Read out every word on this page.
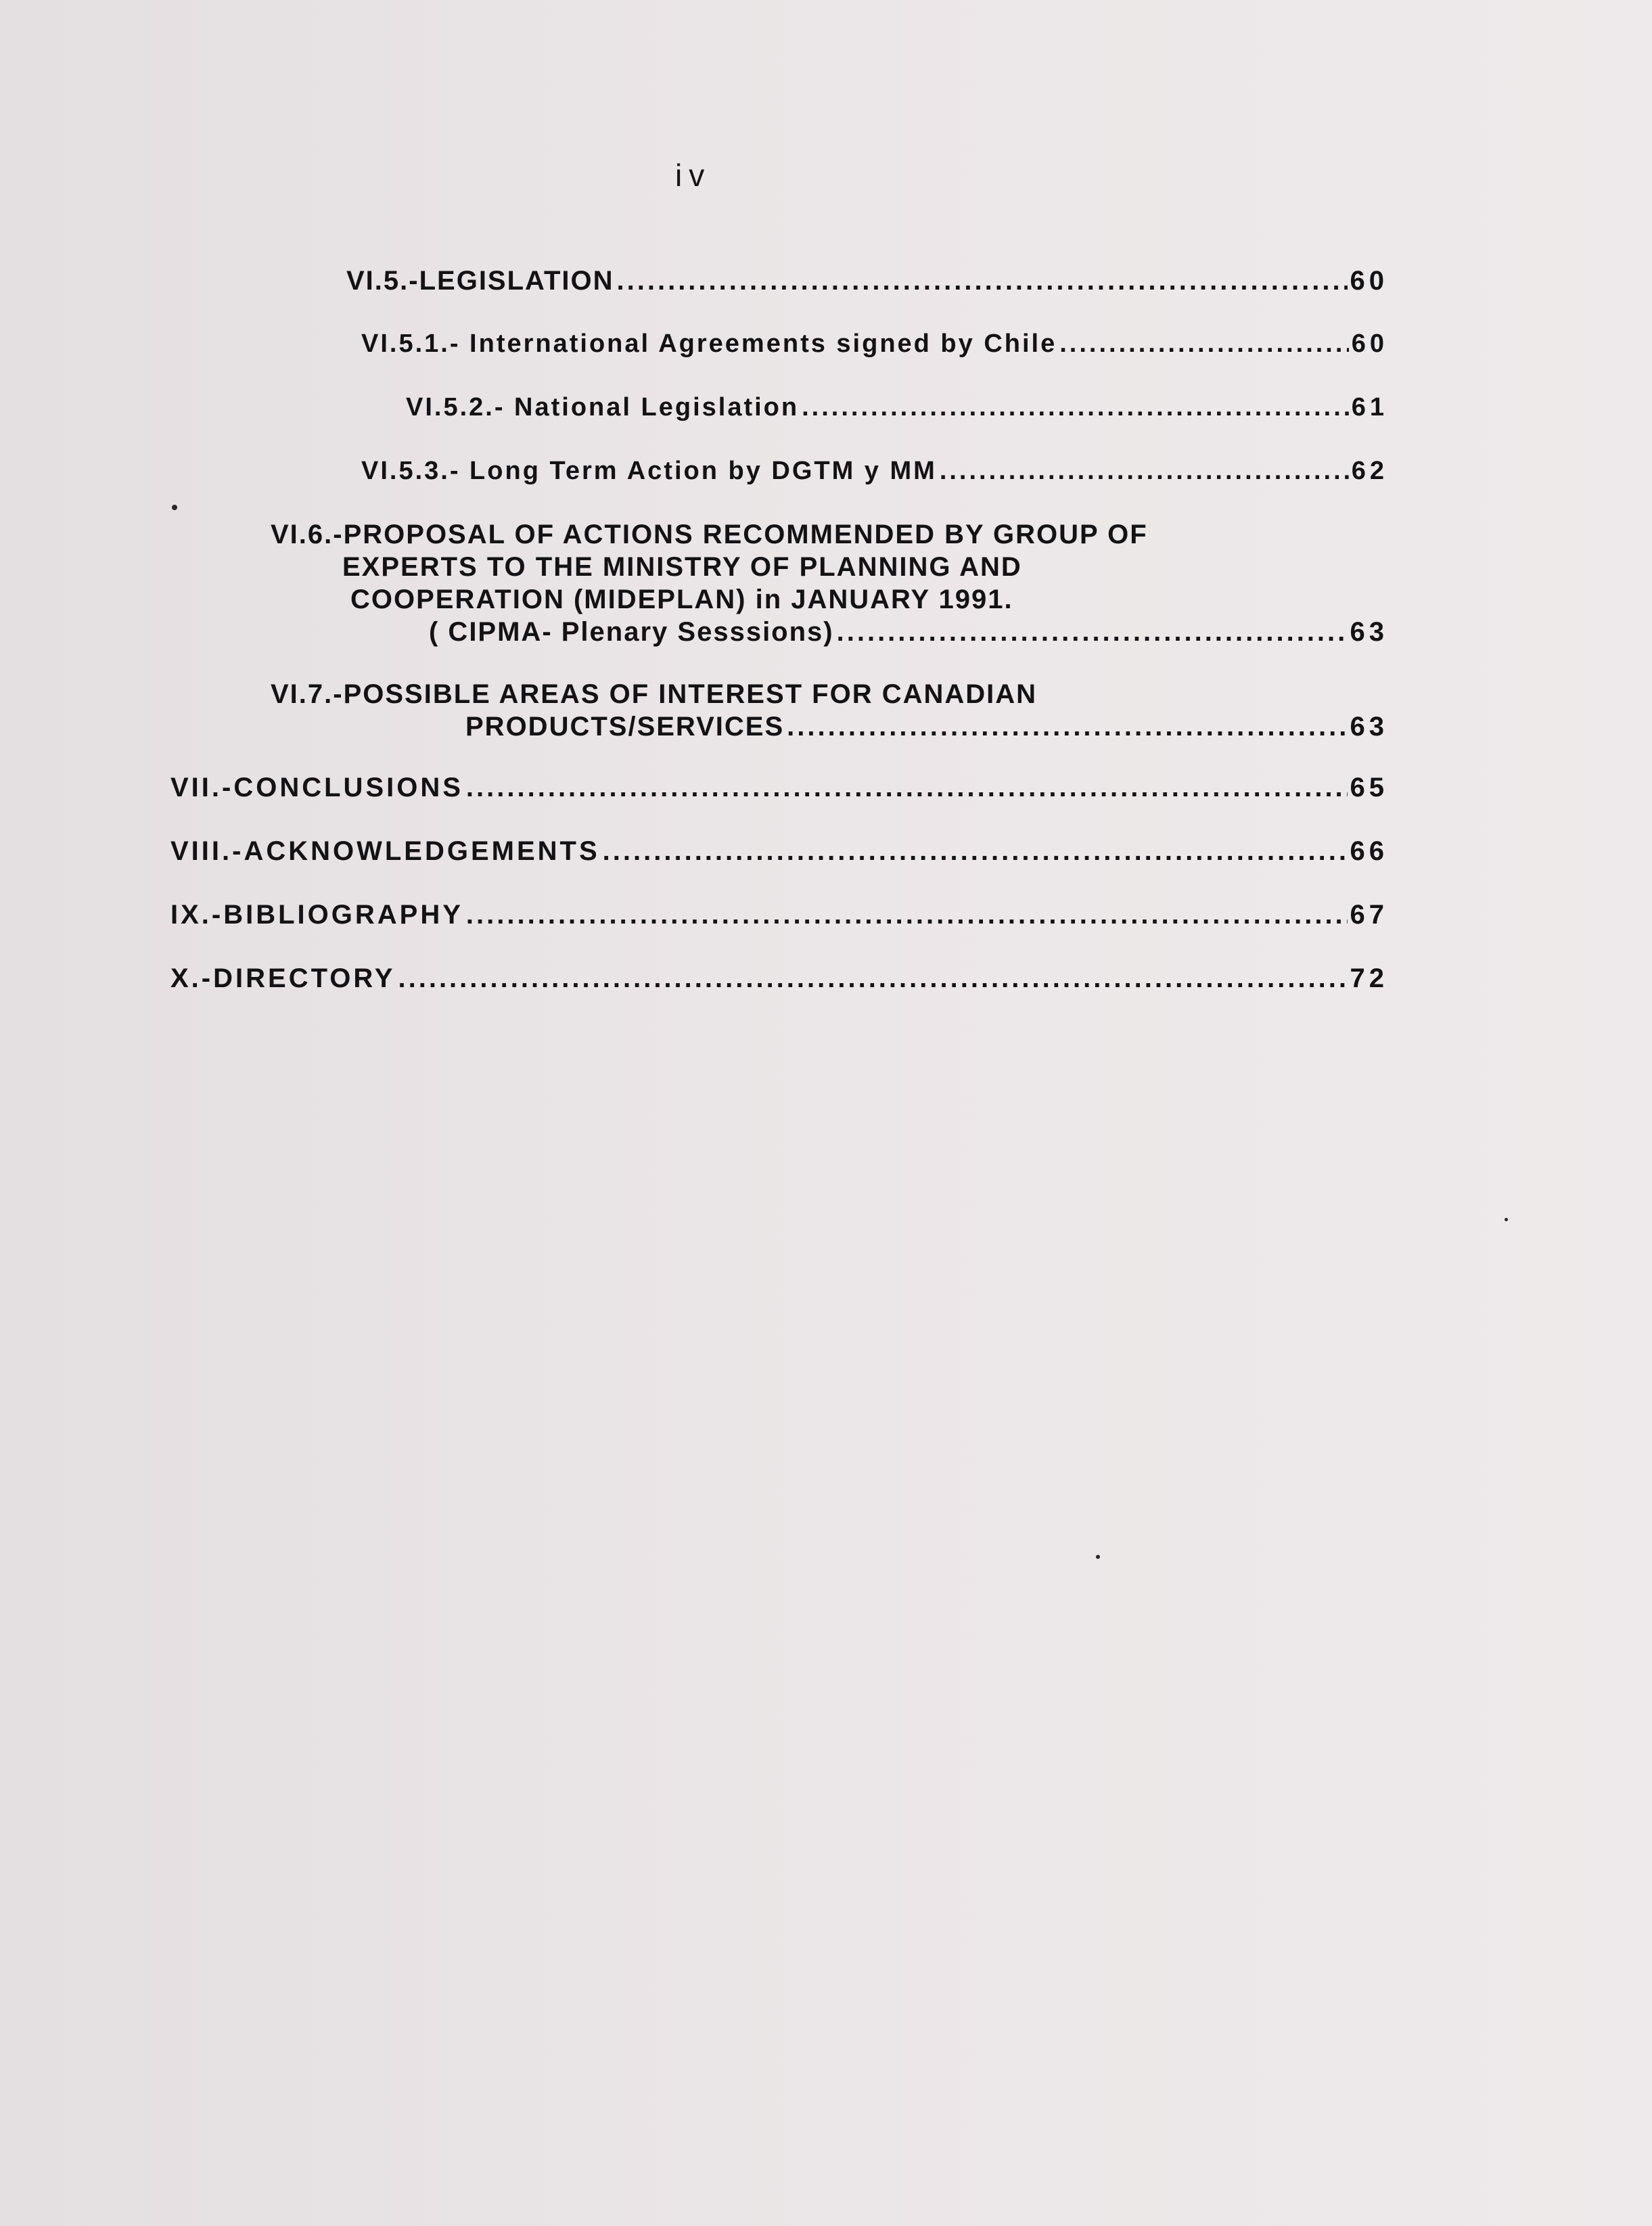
iv
VI.5.-LEGISLATION .....	60
VI.5.1.- International Agreements signed by Chile .....	60
VI.5.2.- National Legislation .....	61
VI.5.3.- Long Term Action by DGTM y MM .....	62
VI.6.-PROPOSAL OF ACTIONS RECOMMENDED BY GROUP OF
EXPERTS TO THE MINISTRY OF PLANNING AND
COOPERATION (MIDEPLAN) in JANUARY 1991.
( CIPMA- Plenary Sesssions) .....	63
VI.7.-POSSIBLE AREAS OF INTEREST FOR CANADIAN
PRODUCTS/SERVICES .....	63
VII.- CONCLUSIONS .....	65
VIII.- ACKNOWLEDGEMENTS .....	66
IX.- BIBLIOGRAPHY .....	67
X.- DIRECTORY .....	72
